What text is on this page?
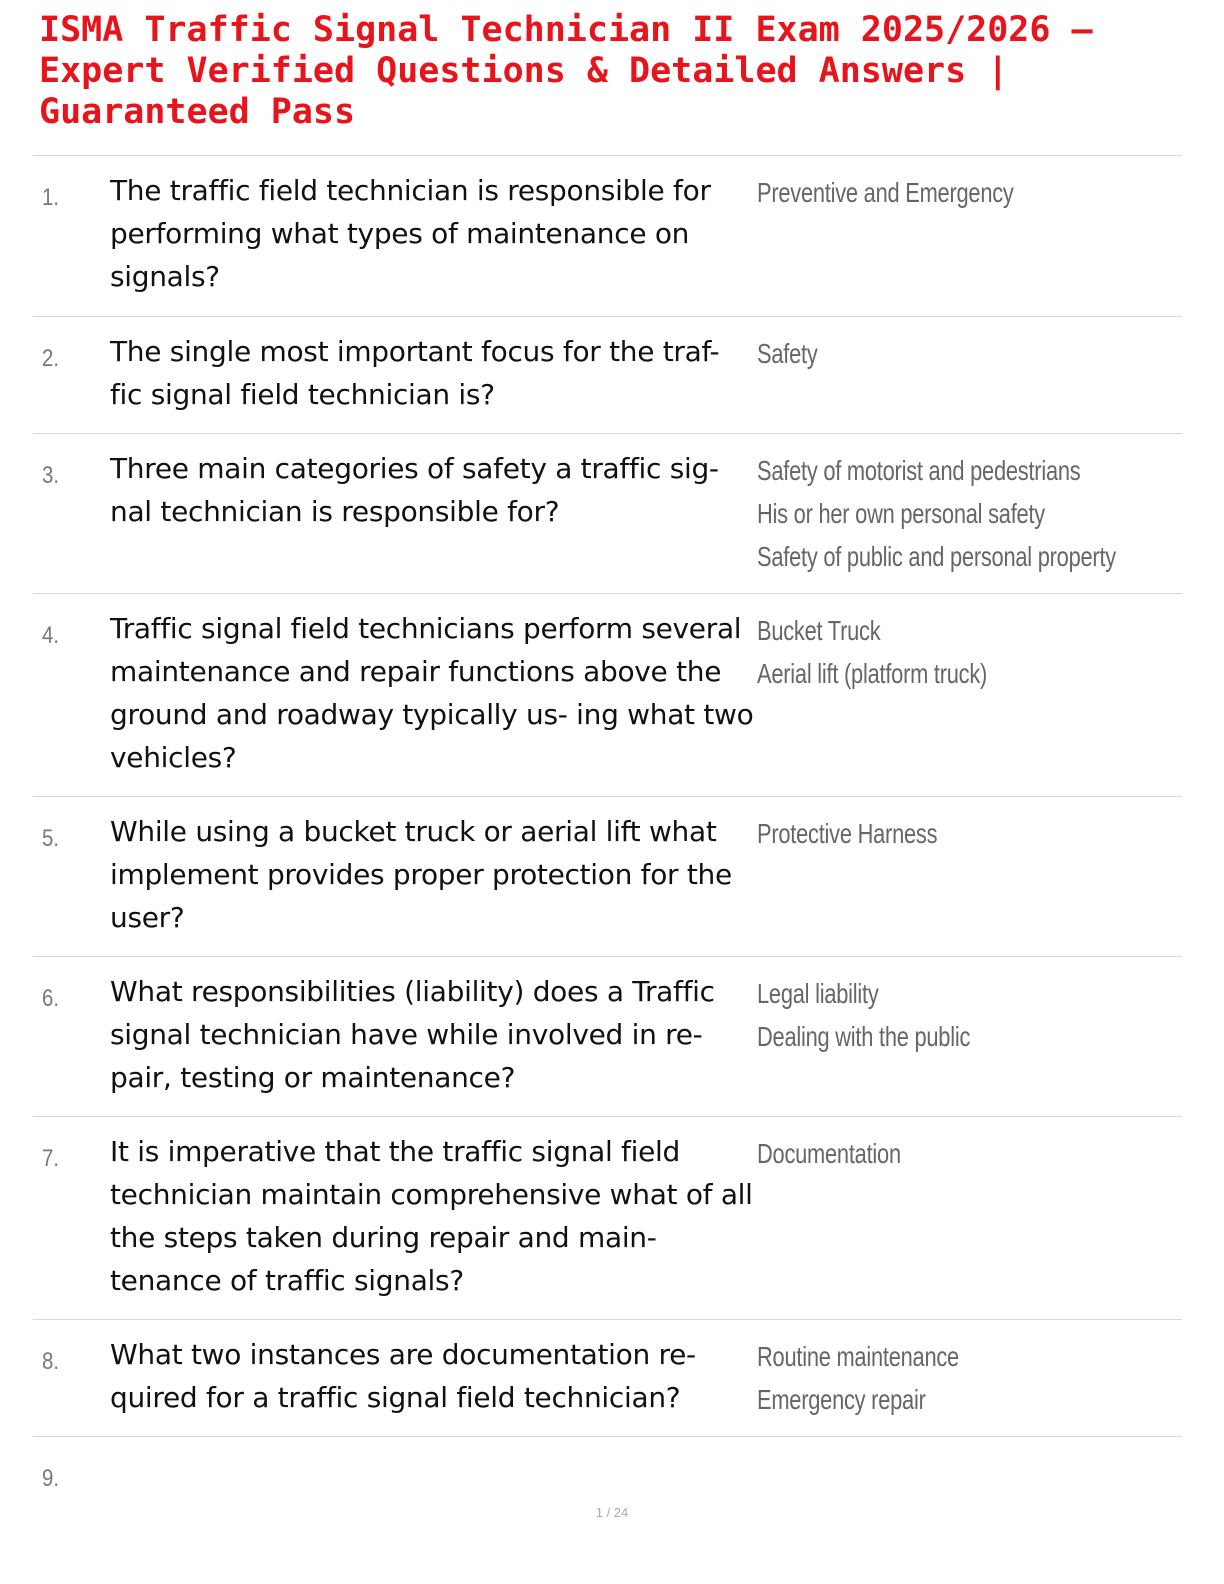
ISMA Traffic Signal Technician II Exam 2025/2026 – Expert Verified Questions & Detailed Answers | Guaranteed Pass
1. The traffic field technician is responsible for performing what types of maintenance on signals?

Preventive and Emergency
2. The single most important focus for the traf- fic signal field technician is?

Safety
3. Three main categories of safety a traffic sig- nal technician is responsible for?

Safety of motorist and pedestrians
His or her own personal safety
Safety of public and personal property
4. Traffic signal field technicians perform several maintenance and repair functions above the ground and roadway typically us- ing what two vehicles?

Bucket Truck
Aerial lift (platform truck)
5. While using a bucket truck or aerial lift what implement provides proper protection for the user?

Protective Harness
6. What responsibilities (liability) does a Traffic signal technician have while involved in re- pair, testing or maintenance?

Legal liability
Dealing with the public
7. It is imperative that the traffic signal field technician maintain comprehensive what of all the steps taken during repair and main- tenance of traffic signals?

Documentation
8. What two instances are documentation re- quired for a traffic signal field technician?

Routine maintenance
Emergency repair
9.

1 / 24
